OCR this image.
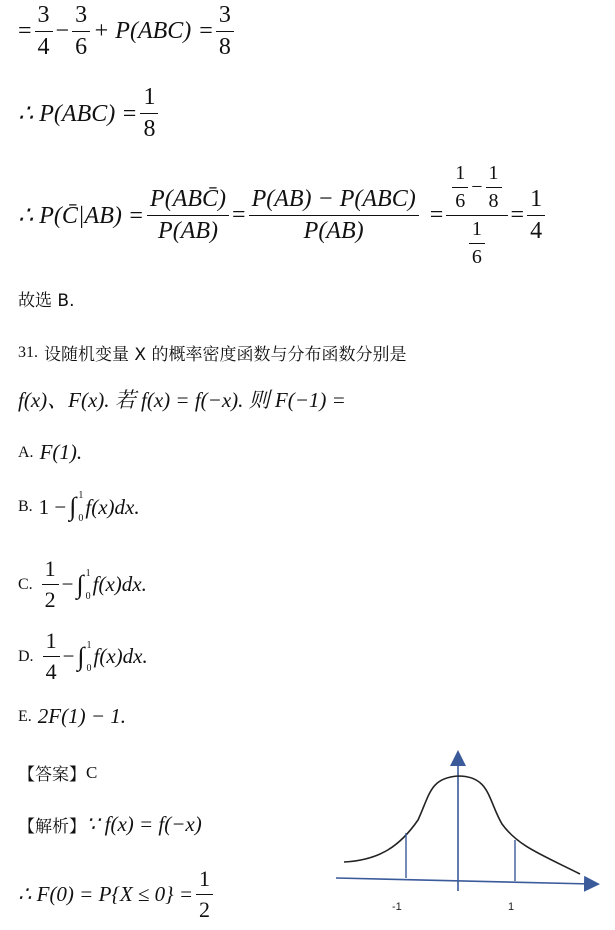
= $\frac{3}{4} - \frac{3}{6} + P(ABC) = \frac{3}{8}$
∴ $P(ABC) = \frac{1}{8}$
∴ P(C̄|AB) = $\frac{\text{P(ABC̄)}}{P(AB)} = \frac{\text{P(AB) − P(ABC)}}{P(AB)} = \frac{\frac{1}{6} - \frac{1}{8}}{\frac{1}{6}} = \frac{1}{4}$
故选 B.
31. 设随机变量 X 的概率密度函数与分布函数分别是
f(x)、F(x). 若 f(x) = f(−x). 则 F(−1) =
A. F(1).
B. 1 − ∫ 1
0 f(x)dx.
C. $\frac{1}{2}$ − ∫ 1
0 f(x)dx.
D. $\frac{1}{4}$ − ∫ 1
0 f(x)dx.
E. 2F(1) − 1.
【答案】 C
【解析】 ∵ f(x) = f(−x)
∴ $F(0) = P\{X \le 0\} = \frac{1}{2}$	-1	1
